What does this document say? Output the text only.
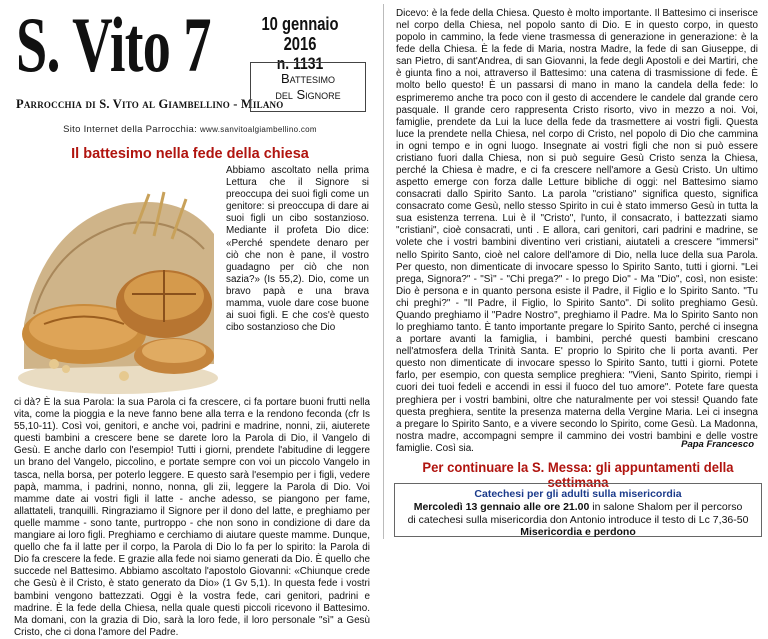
S. Vito 7
Parrocchia di S. Vito al Giambellino - Milano
10 gennaio 2016
n. 1131
Battesimo
del Signore
Sito Internet della Parrocchia: www.sanvitoalgiambellino.com
Il battesimo nella fede della chiesa
Abbiamo ascoltato nella prima Lettura che il Signore si preoccupa dei suoi figli come un genitore: si preoccupa di dare ai suoi figli un cibo sostanzioso. Mediante il profeta Dio dice: «Perché spendete denaro per ciò che non è pane, il vostro guadagno per ciò che non sazia?» (Is 55,2). Dio, come un bravo papà e una brava mamma, vuole dare cose buone ai suoi figli. E che cos'è questo cibo sostanzioso che Dio
ci dà? È la sua Parola: la sua Parola ci fa crescere, ci fa portare buoni frutti nella vita, come la pioggia e la neve fanno bene alla terra e la rendono feconda (cfr Is 55,10-11). Così voi, genitori, e anche voi, padrini e madrine, nonni, zii, aiuterete questi bambini a crescere bene se darete loro la Parola di Dio, il Vangelo di Gesù. E anche darlo con l'esempio! Tutti i giorni, prendete l'abitudine di leggere un brano del Vangelo, piccolino, e portate sempre con voi un piccolo Vangelo in tasca, nella borsa, per poterlo leggere. E questo sarà l'esempio per i figli, vedere papà, mamma, i padrini, nonno, nonna, gli zii, leggere la Parola di Dio. Voi mamme date ai vostri figli il latte - anche adesso, se piangono per fame, allattateli, tranquilli. Ringraziamo il Signore per il dono del latte, e preghiamo per quelle mamme - sono tante, purtroppo - che non sono in condizione di dare da mangiare ai loro figli. Preghiamo e cerchiamo di aiutare queste mamme. Dunque, quello che fa il latte per il corpo, la Parola di Dio lo fa per lo spirito: la Parola di Dio fa crescere la fede. E grazie alla fede noi siamo generati da Dio. È quello che succede nel Battesimo. Abbiamo ascoltato l'apostolo Giovanni: «Chiunque crede che Gesù è il Cristo, è stato generato da Dio» (1 Gv 5,1). In questa fede i vostri bambini vengono battezzati. Oggi è la vostra fede, cari genitori, padrini e madrine. È la fede della Chiesa, nella quale questi piccoli ricevono il Battesimo. Ma domani, con la grazia di Dio, sarà la loro fede, il loro personale "sì" a Gesù Cristo, che ci dona l'amore del Padre.
Dicevo: è la fede della Chiesa. Questo è molto importante. Il Battesimo ci inserisce nel corpo della Chiesa, nel popolo santo di Dio. E in questo corpo, in questo popolo in cammino, la fede viene trasmessa di generazione in generazione: è la fede della Chiesa. È la fede di Maria, nostra Madre, la fede di san Giuseppe, di san Pietro, di sant'Andrea, di san Giovanni, la fede degli Apostoli e dei Martiri, che è giunta fino a noi, attraverso il Battesimo: una catena di trasmissione di fede. È molto bello questo! È un passarsi di mano in mano la candela della fede: lo esprimeremo anche tra poco con il gesto di accendere le candele dal grande cero pasquale. Il grande cero rappresenta Cristo risorto, vivo in mezzo a noi. Voi, famiglie, prendete da Lui la luce della fede da trasmettere ai vostri figli. Questa luce la prendete nella Chiesa, nel corpo di Cristo, nel popolo di Dio che cammina in ogni tempo e in ogni luogo. Insegnate ai vostri figli che non si può essere cristiano fuori dalla Chiesa, non si può seguire Gesù Cristo senza la Chiesa, perché la Chiesa è madre, e ci fa crescere nell'amore a Gesù Cristo. Un ultimo aspetto emerge con forza dalle Letture bibliche di oggi: nel Battesimo siamo consacrati dallo Spirito Santo. La parola "cristiano" significa questo, significa consacrato come Gesù, nello stesso Spirito in cui è stato immerso Gesù in tutta la sua esistenza terrena. Lui è il "Cristo", l'unto, il consacrato, i battezzati siamo "cristiani", cioè consacrati, unti . E allora, cari genitori, cari padrini e madrine, se volete che i vostri bambini diventino veri cristiani, aiutateli a crescere "immersi" nello Spirito Santo, cioè nel calore dell'amore di Dio, nella luce della sua Parola. Per questo, non dimenticate di invocare spesso lo Spirito Santo, tutti i giorni. "Lei prega, Signora?" - "Sì" - "Chi prega?" - Io prego Dio" - Ma "Dio", così, non esiste: Dio è persona e in quanto persona esiste il Padre, il Figlio e lo Spirito Santo. "Tu chi preghi?" - "Il Padre, il Figlio, lo Spirito Santo". Di solito preghiamo Gesù. Quando preghiamo il "Padre Nostro", preghiamo il Padre. Ma lo Spirito Santo non lo preghiamo tanto. È tanto importante pregare lo Spirito Santo, perché ci insegna a portare avanti la famiglia, i bambini, perché questi bambini crescano nell'atmosfera della Trinità Santa. E' proprio lo Spirito che li porta avanti. Per questo non dimenticate di invocare spesso lo Spirito Santo, tutti i giorni. Potete farlo, per esempio, con questa semplice preghiera: "Vieni, Santo Spirito, riempi i cuori dei tuoi fedeli e accendi in essi il fuoco del tuo amore". Potete fare questa preghiera per i vostri bambini, oltre che naturalmente per voi stessi! Quando fate questa preghiera, sentite la presenza materna della Vergine Maria. Lei ci insegna a pregare lo Spirito Santo, e a vivere secondo lo Spirito, come Gesù. La Madonna, nostra madre, accompagni sempre il cammino dei vostri bambini e delle vostre famiglie. Così sia.	Papa Francesco
Per continuare la S. Messa: gli appuntamenti della settimana
Catechesi per gli adulti sulla misericordia
Mercoledì 13 gennaio alle ore 21.00 in salone Shalom per il percorso
di catechesi sulla misericordia don Antonio introduce il testo di Lc 7,36-50
Misericordia e perdono
